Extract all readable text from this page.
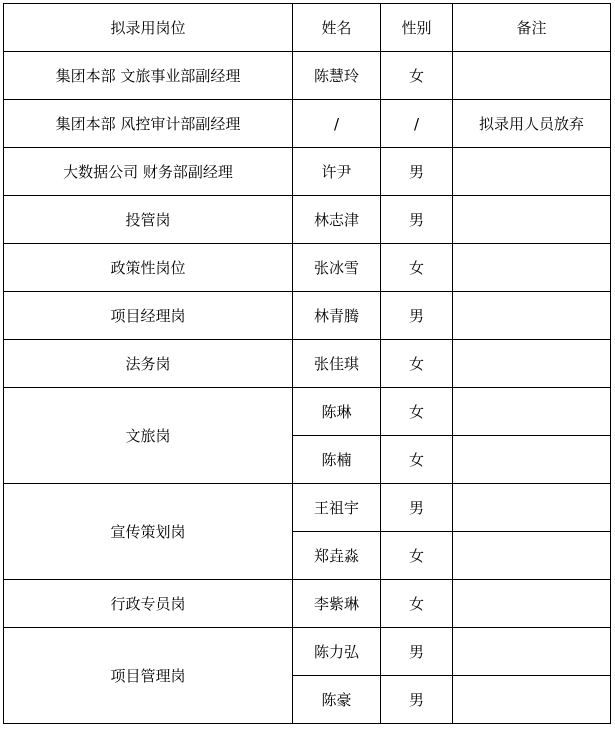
拟录用岗位	姓名	性别	备注
集团本部 文旅事业部副经理	陈慧玲	女	
集团本部 风控审计部副经理	/	/	拟录用人员放弃
大数据公司 财务部副经理	许尹	男	
投管岗	林志津	男	
政策性岗位	张冰雪	女	
项目经理岗	林青腾	男	
法务岗	张佳琪	女	
文旅岗	陈琳	女	
	陈楠	女	
宣传策划岗	王祖宇	男	
	郑垚淼	女	
行政专员岗	李紫琳	女	
项目管理岗	陈力弘	男	
	陈豪	男	
